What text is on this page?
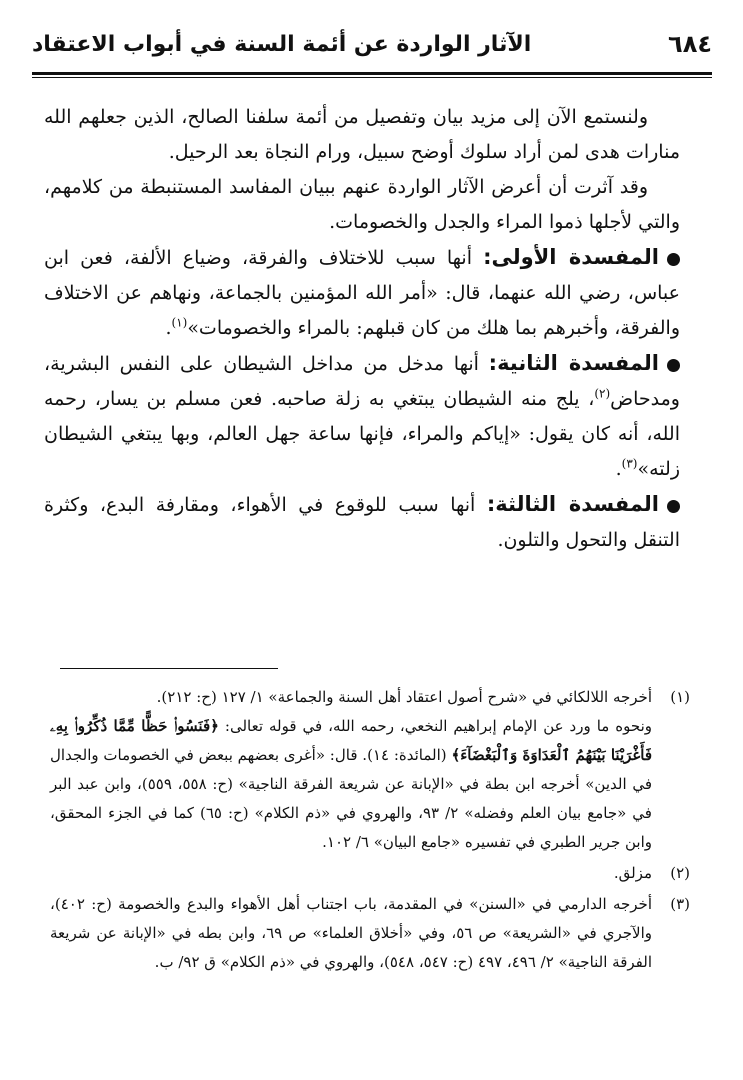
٦٨٤
الآثار الواردة عن أئمة السنة في أبواب الاعتقاد

ولنستمع الآن إلى مزيد بيان وتفصيل من أئمة سلفنا الصالح، الذين جعلهم الله منارات هدى لمن أراد سلوك أوضح سبيل، ورام النجاة بعد الرحيل.

وقد آثرت أن أعرض الآثار الواردة عنهم ببيان المفاسد المستنبطة من كلامهم، والتي لأجلها ذموا المراء والجدل والخصومات.

المفسدة الأولى: أنها سبب للاختلاف والفرقة، وضياع الألفة، فعن ابن عباس، رضي الله عنهما، قال: «أمر الله المؤمنين بالجماعة، ونهاهم عن الاختلاف والفرقة، وأخبرهم بما هلك من كان قبلهم: بالمراء والخصومات»$^{(١)}$.

المفسدة الثانية: أنها مدخل من مداخل الشيطان على النفس البشرية، ومدحاض$^{(٢)}$، يلج منه الشيطان يبتغي به زلة صاحبه. فعن مسلم بن يسار، رحمه الله، أنه كان يقول: «إياكم والمراء، فإنها ساعة جهل العالم، وبها يبتغي الشيطان زلته»$^{(٣)}$.

المفسدة الثالثة: أنها سبب للوقوع في الأهواء، ومقارفة البدع، وكثرة التنقل والتحول والتلون.

(١)

أخرجه اللالكائي في «شرح أصول اعتقاد أهل السنة والجماعة» ١/ ١٢٧ (ح: ٢١٢).

ونحوه ما ورد عن الإمام إبراهيم النخعي، رحمه الله، في قوله تعالى: ﴿فَنَسُوا۟ حَظًّا مِّمَّا ذُكِّرُوا۟ بِهِۦ فَأَغْرَيْنَا بَيْنَهُمُ ٱلْعَدَاوَةَ وَٱلْبَغْضَآءَ﴾ (المائدة: ١٤). قال: «أغرى بعضهم ببعض في الخصومات والجدال في الدين» أخرجه ابن بطة في «الإبانة عن شريعة الفرقة الناجية» (ح: ٥٥٨، ٥٥٩)، وابن عبد البر في «جامع بيان العلم وفضله» ٢/ ٩٣، والهروي في «ذم الكلام» (ح: ٦٥) كما في الجزء المحقق، وابن جرير الطبري في تفسيره «جامع البيان» ٦/ ١٠٢.

(٢)

مزلق.

(٣)

أخرجه الدارمي في «السنن» في المقدمة، باب اجتناب أهل الأهواء والبدع والخصومة (ح: ٤٠٢)، والآجري في «الشريعة» ص ٥٦، وفي «أخلاق العلماء» ص ٦٩، وابن بطه في «الإبانة عن شريعة الفرقة الناجية» ٢/ ٤٩٦، ٤٩٧ (ح: ٥٤٧، ٥٤٨)، والهروي في «ذم الكلام» ق ٩٢/ ب.
